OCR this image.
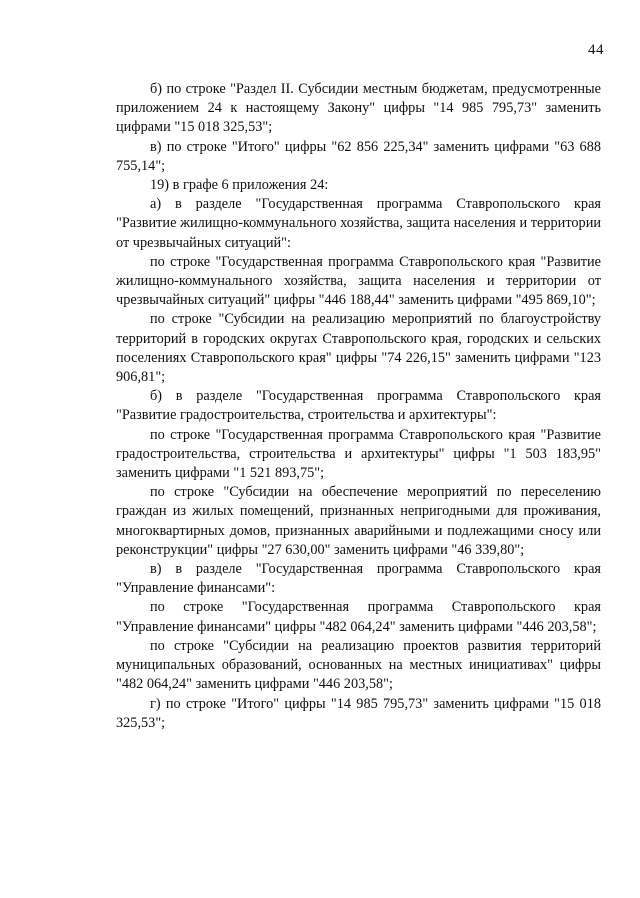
44

б) по строке "Раздел II. Субсидии местным бюджетам, предусмотренные приложением 24 к настоящему Закону" цифры "14 985 795,73" заменить цифрами "15 018 325,53";

в) по строке "Итого" цифры "62 856 225,34" заменить цифрами "63 688 755,14";

19) в графе 6 приложения 24:

а) в разделе "Государственная программа Ставропольского края "Развитие жилищно-коммунального хозяйства, защита населения и территории от чрезвычайных ситуаций":

по строке "Государственная программа Ставропольского края "Развитие жилищно-коммунального хозяйства, защита населения и территории от чрезвычайных ситуаций" цифры "446 188,44" заменить цифрами "495 869,10";

по строке "Субсидии на реализацию мероприятий по благоустройству территорий в городских округах Ставропольского края, городских и сельских поселениях Ставропольского края" цифры "74 226,15" заменить цифрами "123 906,81";

б) в разделе "Государственная программа Ставропольского края "Развитие градостроительства, строительства и архитектуры":

по строке "Государственная программа Ставропольского края "Развитие градостроительства, строительства и архитектуры" цифры "1 503 183,95" заменить цифрами "1 521 893,75";

по строке "Субсидии на обеспечение мероприятий по переселению граждан из жилых помещений, признанных непригодными для проживания, многоквартирных домов, признанных аварийными и подлежащими сносу или реконструкции" цифры "27 630,00" заменить цифрами "46 339,80";

в) в разделе "Государственная программа Ставропольского края "Управление финансами":

по строке "Государственная программа Ставропольского края "Управление финансами" цифры "482 064,24" заменить цифрами "446 203,58";

по строке "Субсидии на реализацию проектов развития территорий муниципальных образований, основанных на местных инициативах" цифры "482 064,24" заменить цифрами "446 203,58";

г) по строке "Итого" цифры "14 985 795,73" заменить цифрами "15 018 325,53";
